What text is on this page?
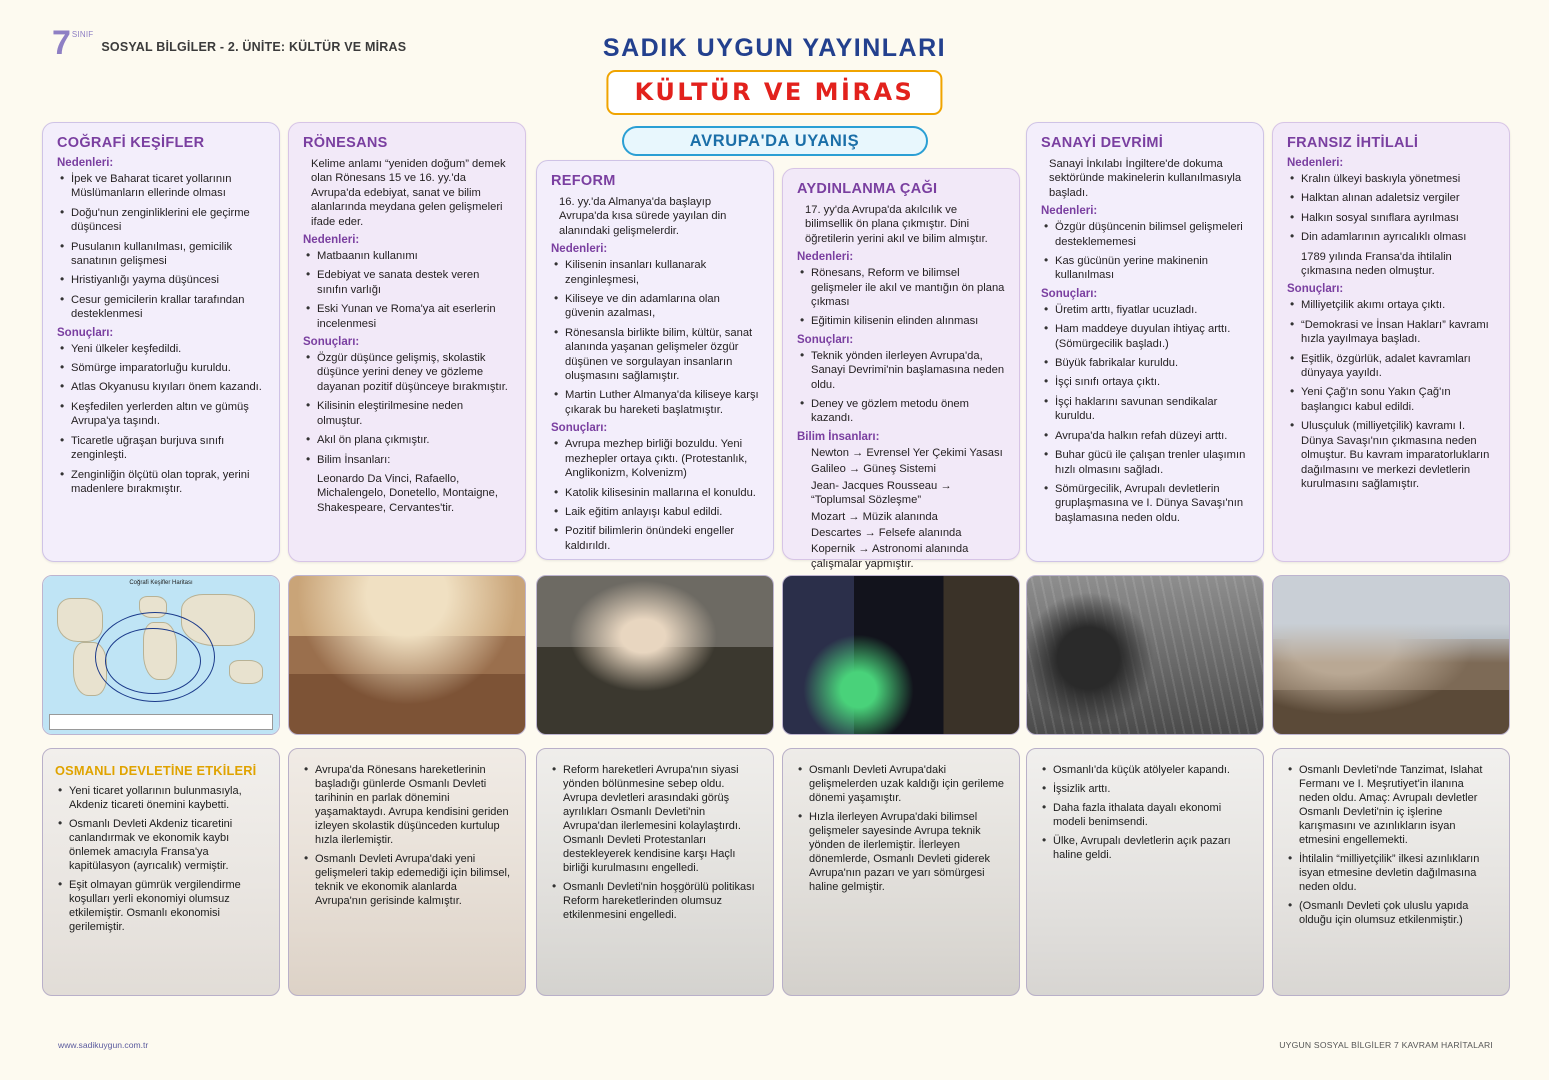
7 SINIF
SOSYAL BİLGİLER - 2. ÜNİTE: KÜLTÜR VE MİRAS	SADIK UYGUN YAYINLARI
KÜLTÜR VE MİRAS
AVRUPA'DA UYANIŞ
COĞRAFİ KEŞİFLER
Nedenleri:
• İpek ve Baharat ticaret yollarının Müslümanların ellerinde olması
• Doğu'nun zenginliklerini ele geçirme düşüncesi
• Pusulanın kullanılması, gemicilik sanatının gelişmesi
• Hristiyanlığı yayma düşüncesi
• Cesur gemicilerin krallar tarafından desteklenmesi
Sonuçları:
• Yeni ülkeler keşfedildi.
• Sömürge imparatorluğu kuruldu.
• Atlas Okyanusu kıyıları önem kazandı.
• Keşfedilen yerlerden altın ve gümüş Avrupa'ya taşındı.
• Ticaretle uğraşan burjuva sınıfı zenginleşti.
• Zenginliğin ölçütü olan toprak, yerini madenlere bırakmıştır.
RÖNESANS
Kelime anlamı “yeniden doğum” demek olan Rönesans 15 ve 16. yy.'da Avrupa'da edebiyat, sanat ve bilim alanlarında meydana gelen gelişmeleri ifade eder.
Nedenleri:
• Matbaanın kullanımı
• Edebiyat ve sanata destek veren sınıfın varlığı
• Eski Yunan ve Roma'ya ait eserlerin incelenmesi
Sonuçları:
• Özgür düşünce gelişmiş, skolastik düşünce yerini deney ve gözleme dayanan pozitif düşünceye bırakmıştır.
• Kilisinin eleştirilmesine neden olmuştur.
• Akıl ön plana çıkmıştır.
• Bilim İnsanları:
Leonardo Da Vinci, Rafaello, Michalengelo, Donetello, Montaigne, Shakespeare, Cervantes'tir.
REFORM
16. yy.'da Almanya'da başlayıp Avrupa'da kısa sürede yayılan din alanındaki gelişmelerdir.
Nedenleri:
• Kilisenin insanları kullanarak zenginleşmesi,
• Kiliseye ve din adamlarına olan güvenin azalması,
• Rönesansla birlikte bilim, kültür, sanat alanında yaşanan gelişmeler özgür düşünen ve sorgulayan insanların oluşmasını sağlamıştır.
• Martin Luther Almanya'da kiliseye karşı çıkarak bu hareketi başlatmıştır.
Sonuçları:
• Avrupa mezhep birliği bozuldu. Yeni mezhepler ortaya çıktı. (Protestanlık, Anglikonizm, Kolvenizm)
• Katolik kilisesinin mallarına el konuldu.
• Laik eğitim anlayışı kabul edildi.
• Pozitif bilimlerin önündeki engeller kaldırıldı.
AYDINLANMA ÇAĞI
17. yy'da Avrupa'da akılcılık ve bilimsellik ön plana çıkmıştır. Dini öğretilerin yerini akıl ve bilim almıştır.
Nedenleri:
• Rönesans, Reform ve bilimsel gelişmeler ile akıl ve mantığın ön plana çıkması
• Eğitimin kilisenin elinden alınması
Sonuçları:
• Teknik yönden ilerleyen Avrupa'da, Sanayi Devrimi'nin başlamasına neden oldu.
• Deney ve gözlem metodu önem kazandı.
Bilim İnsanları:
Newton → Evrensel Yer Çekimi Yasası
Galileo → Güneş Sistemi
Jean- Jacques Rousseau → “Toplumsal Sözleşme”
Mozart → Müzik alanında
Descartes → Felsefe alanında
Kopernik → Astronomi alanında çalışmalar yapmıştır.
SANAYİ DEVRİMİ
Sanayi İnkılabı İngiltere'de dokuma sektöründe makinelerin kullanılmasıyla başladı.
Nedenleri:
• Özgür düşüncenin bilimsel gelişmeleri desteklememesi
• Kas gücünün yerine makinenin kullanılması
Sonuçları:
• Üretim arttı, fiyatlar ucuzladı.
• Ham maddeye duyulan ihtiyaç arttı. (Sömürgecilik başladı.)
• Büyük fabrikalar kuruldu.
• İşçi sınıfı ortaya çıktı.
• İşçi haklarını savunan sendikalar kuruldu.
• Avrupa'da halkın refah düzeyi arttı.
• Buhar gücü ile çalışan trenler ulaşımın hızlı olmasını sağladı.
• Sömürgecilik, Avrupalı devletlerin gruplaşmasına ve I. Dünya Savaşı'nın başlamasına neden oldu.
FRANSIZ İHTİLALİ
Nedenleri:
• Kralın ülkeyi baskıyla yönetmesi
• Halktan alınan adaletsiz vergiler
• Halkın sosyal sınıflara ayrılması
• Din adamlarının ayrıcalıklı olması
1789 yılında Fransa'da ihtilalin çıkmasına neden olmuştur.
Sonuçları:
• Milliyetçilik akımı ortaya çıktı.
• “Demokrasi ve İnsan Hakları” kavramı hızla yayılmaya başladı.
• Eşitlik, özgürlük, adalet kavramları dünyaya yayıldı.
• Yeni Çağ'ın sonu Yakın Çağ'ın başlangıcı kabul edildi.
• Ulusçuluk (milliyetçilik) kavramı I. Dünya Savaşı'nın çıkmasına neden olmuştur. Bu kavram imparatorlukların dağılmasını ve merkezi devletlerin kurulmasını sağlamıştır.
Coğrafi Keşifler Haritası
OSMANLI DEVLETİNE ETKİLERİ
• Yeni ticaret yollarının bulunmasıyla, Akdeniz ticareti önemini kaybetti.
• Osmanlı Devleti Akdeniz ticaretini canlandırmak ve ekonomik kaybı önlemek amacıyla Fransa'ya kapitülasyon (ayrıcalık) vermiştir.
• Eşit olmayan gümrük vergilendirme koşulları yerli ekonomiyi olumsuz etkilemiştir. Osmanlı ekonomisi gerilemiştir.
• Avrupa'da Rönesans hareketlerinin başladığı günlerde Osmanlı Devleti tarihinin en parlak dönemini yaşamaktaydı. Avrupa kendisini geriden izleyen skolastik düşünceden kurtulup hızla ilerlemiştir.
• Osmanlı Devleti Avrupa'daki yeni gelişmeleri takip edemediği için bilimsel, teknik ve ekonomik alanlarda Avrupa'nın gerisinde kalmıştır.
• Reform hareketleri Avrupa'nın siyasi yönden bölünmesine sebep oldu. Avrupa devletleri arasındaki görüş ayrılıkları Osmanlı Devleti'nin Avrupa'dan ilerlemesini kolaylaştırdı. Osmanlı Devleti Protestanları destekleyerek kendisine karşı Haçlı birliği kurulmasını engelledi.
• Osmanlı Devleti'nin hoşgörülü politikası Reform hareketlerinden olumsuz etkilenmesini engelledi.
• Osmanlı Devleti Avrupa'daki gelişmelerden uzak kaldığı için gerileme dönemi yaşamıştır.
• Hızla ilerleyen Avrupa'daki bilimsel gelişmeler sayesinde Avrupa teknik yönden de ilerlemiştir. İlerleyen dönemlerde, Osmanlı Devleti giderek Avrupa'nın pazarı ve yarı sömürgesi haline gelmiştir.
• Osmanlı'da küçük atölyeler kapandı.
• İşsizlik arttı.
• Daha fazla ithalata dayalı ekonomi modeli benimsendi.
• Ülke, Avrupalı devletlerin açık pazarı haline geldi.
• Osmanlı Devleti'nde Tanzimat, Islahat Fermanı ve I. Meşrutiyet'in ilanına neden oldu. Amaç: Avrupalı devletler Osmanlı Devleti'nin iç işlerine karışmasını ve azınlıkların isyan etmesini engellemekti.
• İhtilalin “milliyetçilik” ilkesi azınlıkların isyan etmesine devletin dağılmasına neden oldu.
• (Osmanlı Devleti çok uluslu yapıda olduğu için olumsuz etkilenmiştir.)
www.sadikuygun.com.tr	UYGUN SOSYAL BİLGİLER 7 KAVRAM HARİTALARI
